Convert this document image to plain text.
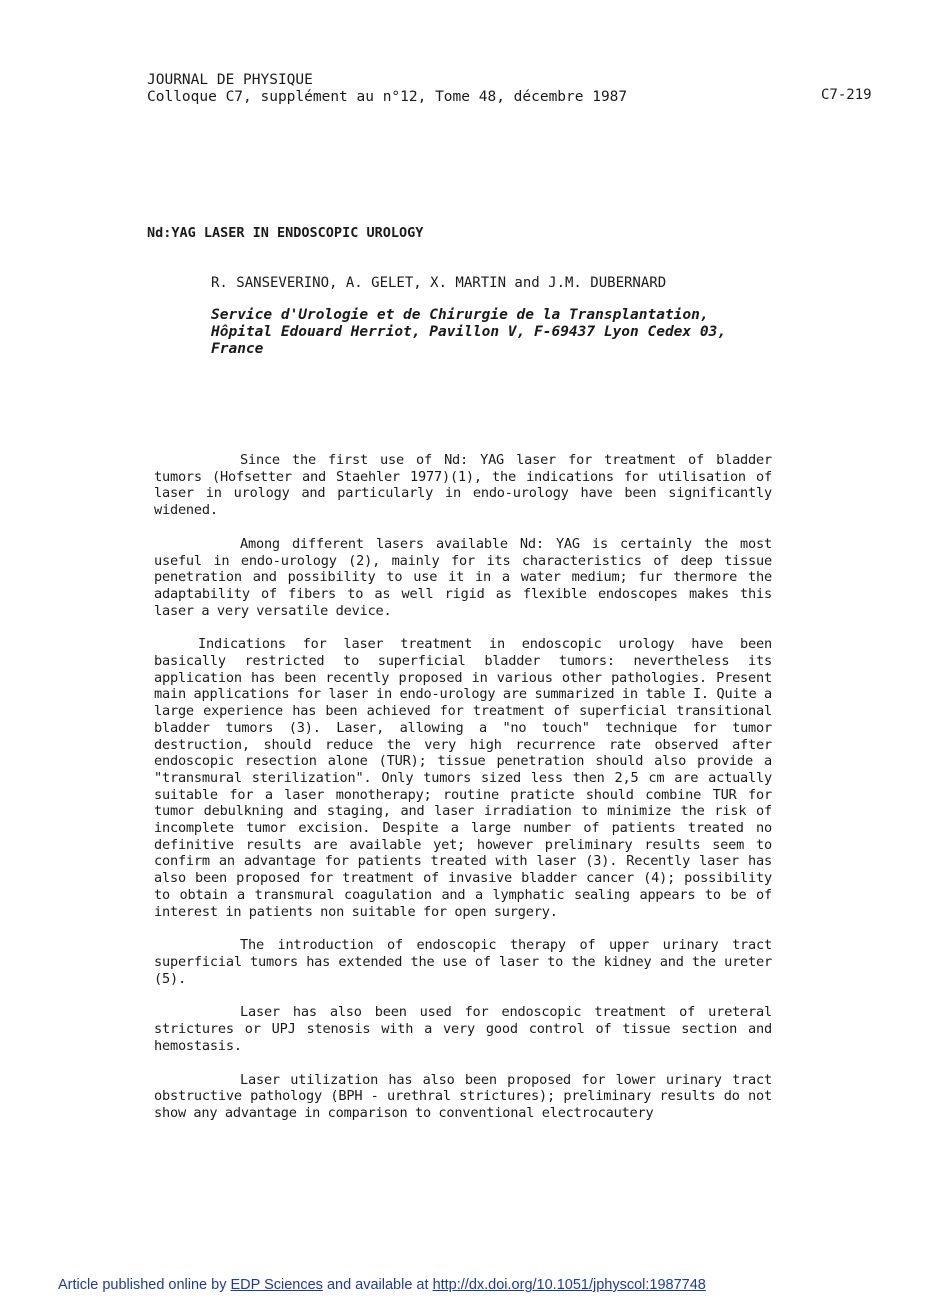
JOURNAL DE PHYSIQUE
Colloque C7, supplément au n°12, Tome 48, décembre 1987	C7-219
Nd:YAG LASER IN ENDOSCOPIC UROLOGY
R. SANSEVERINO, A. GELET, X. MARTIN and J.M. DUBERNARD
Service d'Urologie et de Chirurgie de la Transplantation,
Hôpital Edouard Herriot, Pavillon V, F-69437 Lyon Cedex 03,
France

Since the first use of Nd: YAG laser for treatment of bladder tumors (Hofsetter and Staehler 1977)(1), the indications for utilisation of laser in urology and particularly in endo-urology have been significantly widened.

Among different lasers available Nd: YAG is certainly the most useful in endo-urology (2), mainly for its characteristics of deep tissue penetration and possibility to use it in a water medium; fur thermore the adaptability of fibers to as well rigid as flexible endoscopes makes this laser a very versatile device.

Indications for laser treatment in endoscopic urology have been basically restricted to superficial bladder tumors: nevertheless its application has been recently proposed in various other pathologies. Present main applications for laser in endo-urology are summarized in table I. Quite a large experience has been achieved for treatment of superficial transitional bladder tumors (3). Laser, allowing a "no touch" technique for tumor destruction, should reduce the very high recurrence rate observed after endoscopic resection alone (TUR); tissue penetration should also provide a "transmural sterilization". Only tumors sized less then 2,5 cm are actually suitable for a laser monotherapy; routine praticte should combine TUR for tumor debulkning and staging, and laser irradiation to minimize the risk of incomplete tumor excision. Despite a large number of patients treated no definitive results are available yet; however preliminary results seem to confirm an advantage for patients treated with laser (3). Recently laser has also been proposed for treatment of invasive bladder cancer (4); possibility to obtain a transmural coagulation and a lymphatic sealing appears to be of interest in patients non suitable for open surgery.

The introduction of endoscopic therapy of upper urinary tract superficial tumors has extended the use of laser to the kidney and the ureter (5).

Laser has also been used for endoscopic treatment of ureteral strictures or UPJ stenosis with a very good control of tissue section and hemostasis.

Laser utilization has also been proposed for lower urinary tract obstructive pathology (BPH - urethral strictures); preliminary results do not show any advantage in comparison to conventional electrocautery

Article published online by EDP Sciences and available at http://dx.doi.org/10.1051/jphyscol:1987748
